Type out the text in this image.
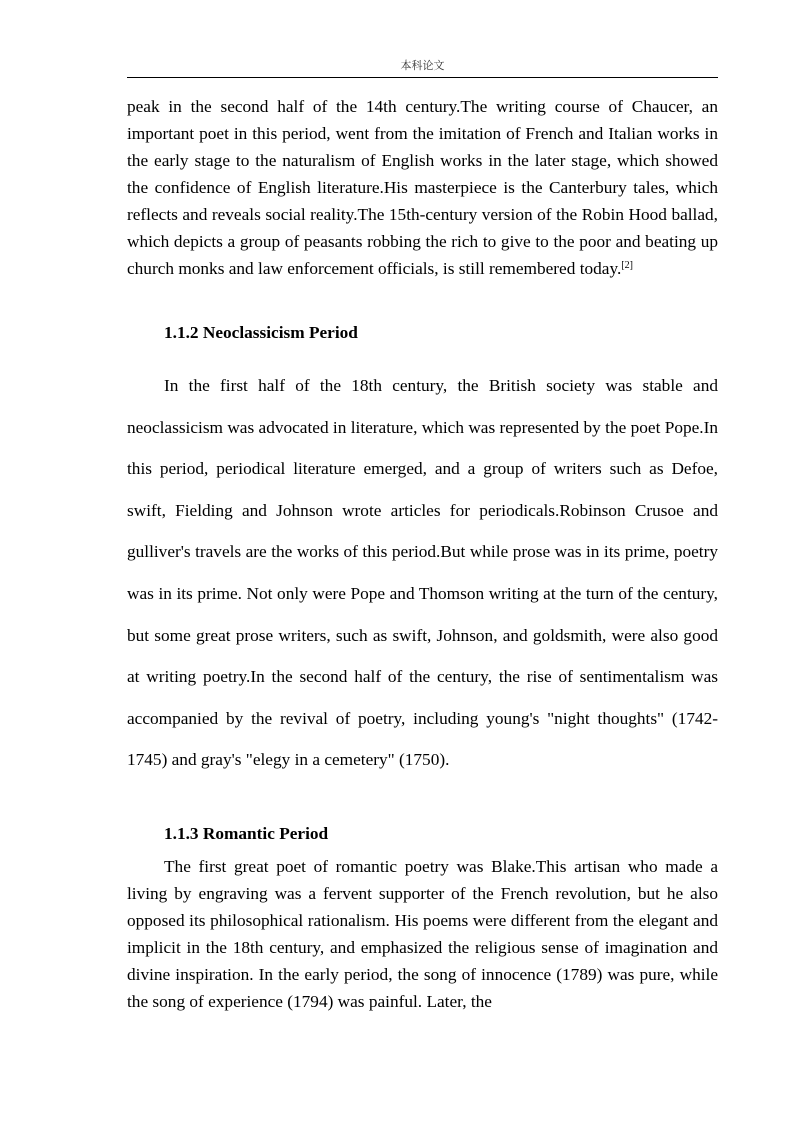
本科论文

peak in the second half of the 14th century.The writing course of Chaucer, an important poet in this period, went from the imitation of French and Italian works in the early stage to the naturalism of English works in the later stage, which showed the confidence of English literature.His masterpiece is the Canterbury tales, which reflects and reveals social reality.The 15th-century version of the Robin Hood ballad, which depicts a group of peasants robbing the rich to give to the poor and beating up church monks and law enforcement officials, is still remembered today.[2]

1.1.2 Neoclassicism Period

In the first half of the 18th century, the British society was stable and neoclassicism was advocated in literature, which was represented by the poet Pope.In this period, periodical literature emerged, and a group of writers such as Defoe, swift, Fielding and Johnson wrote articles for periodicals.Robinson Crusoe and gulliver's travels are the works of this period.But while prose was in its prime, poetry was in its prime. Not only were Pope and Thomson writing at the turn of the century, but some great prose writers, such as swift, Johnson, and goldsmith, were also good at writing poetry.In the second half of the century, the rise of sentimentalism was accompanied by the revival of poetry, including young's "night thoughts" (1742-1745) and gray's "elegy in a cemetery" (1750).

1.1.3 Romantic Period

The first great poet of romantic poetry was Blake.This artisan who made a living by engraving was a fervent supporter of the French revolution, but he also opposed its philosophical rationalism. His poems were different from the elegant and implicit in the 18th century, and emphasized the religious sense of imagination and divine inspiration. In the early period, the song of innocence (1789) was pure, while the song of experience (1794) was painful. Later, the
